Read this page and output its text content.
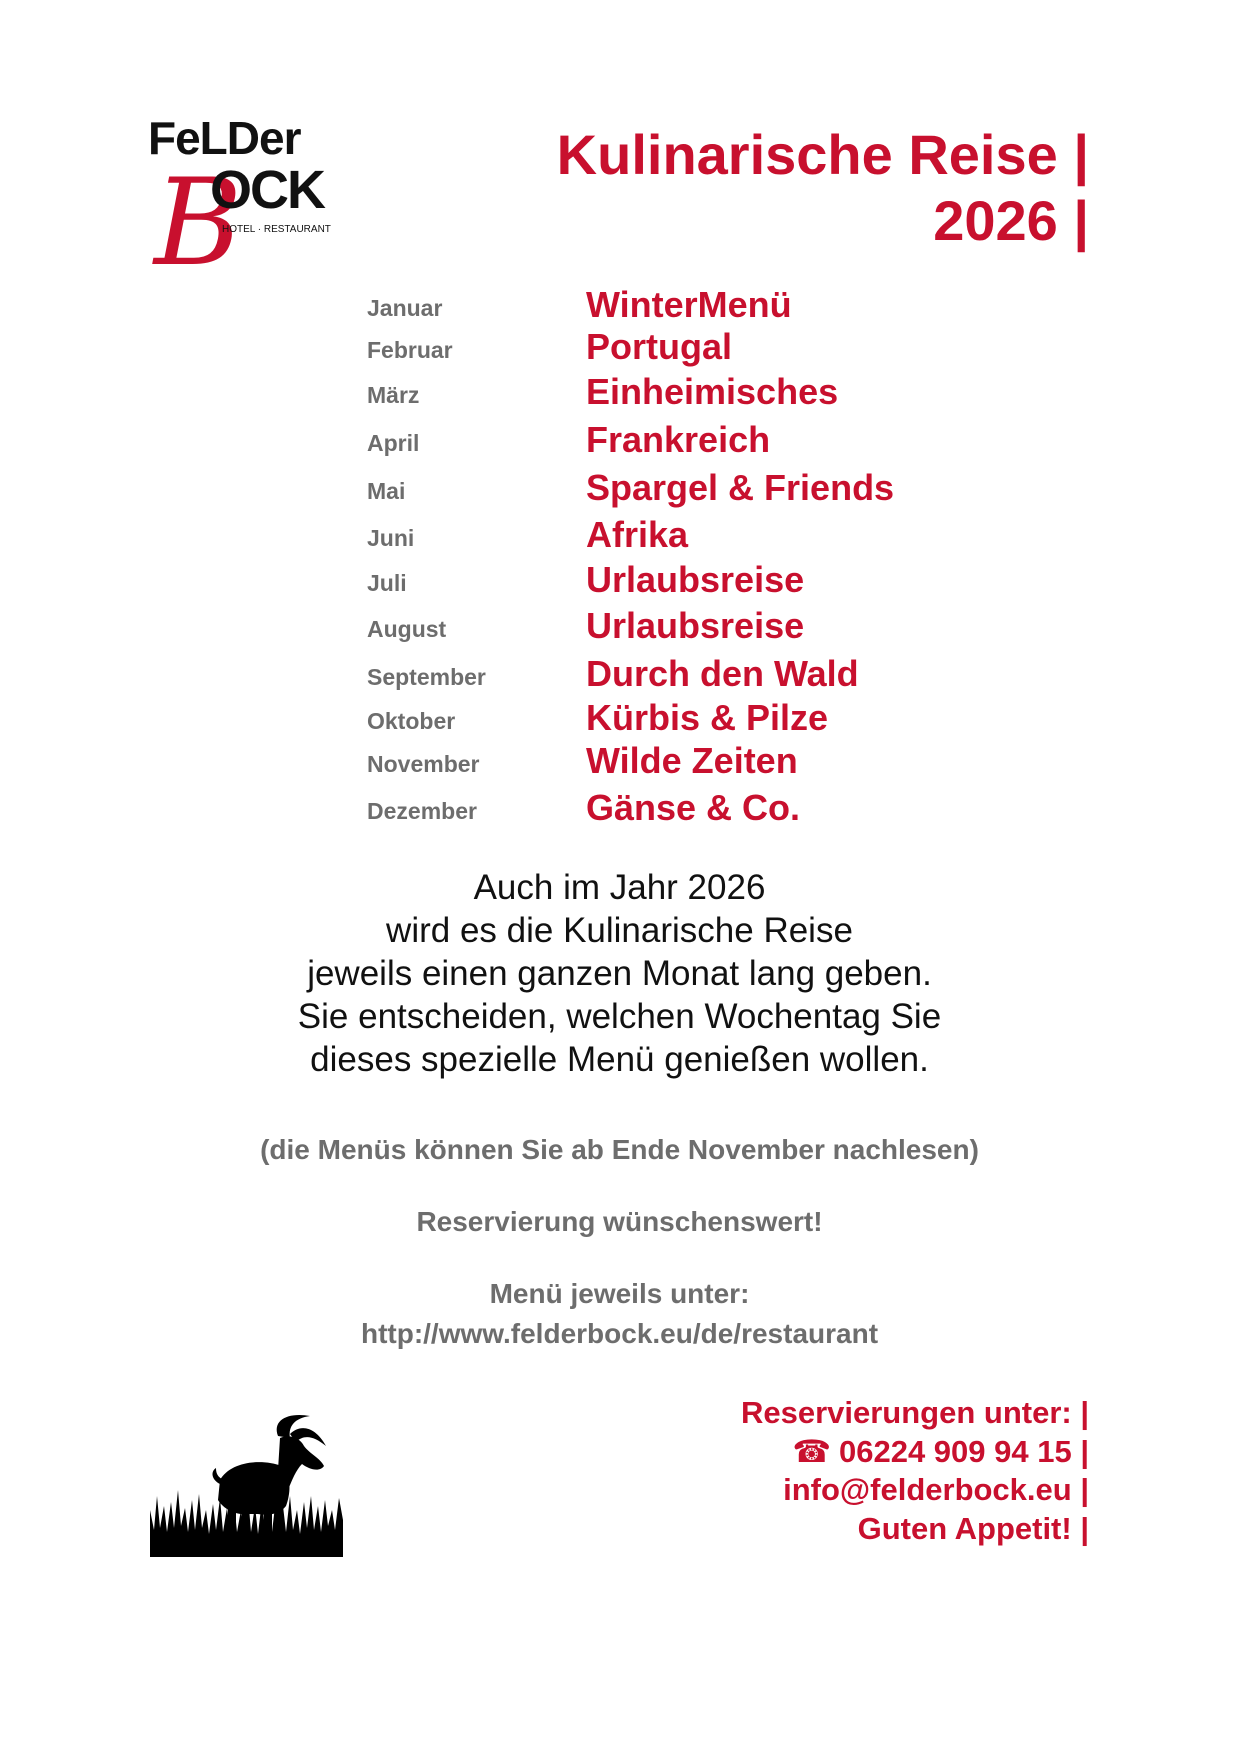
FeLDer
B
OCK
HOTEL · RESTAURANT
Kulinarische Reise |
2026 |
Januar	WinterMenü
Februar	Portugal
März	Einheimisches
April	Frankreich
Mai	Spargel & Friends
Juni	Afrika
Juli	Urlaubsreise
August	Urlaubsreise
September	Durch den Wald
Oktober	Kürbis & Pilze
November	Wilde Zeiten
Dezember	Gänse & Co.
Auch im Jahr 2026
wird es die Kulinarische Reise
jeweils einen ganzen Monat lang geben.
Sie entscheiden, welchen Wochentag Sie
dieses spezielle Menü genießen wollen.
(die Menüs können Sie ab Ende November nachlesen)
Reservierung wünschenswert!
Menü jeweils unter:
http://www.felderbock.eu/de/restaurant
Reservierungen unter: |
☎ 06224 909 94 15 |
info@felderbock.eu |
Guten Appetit! |
